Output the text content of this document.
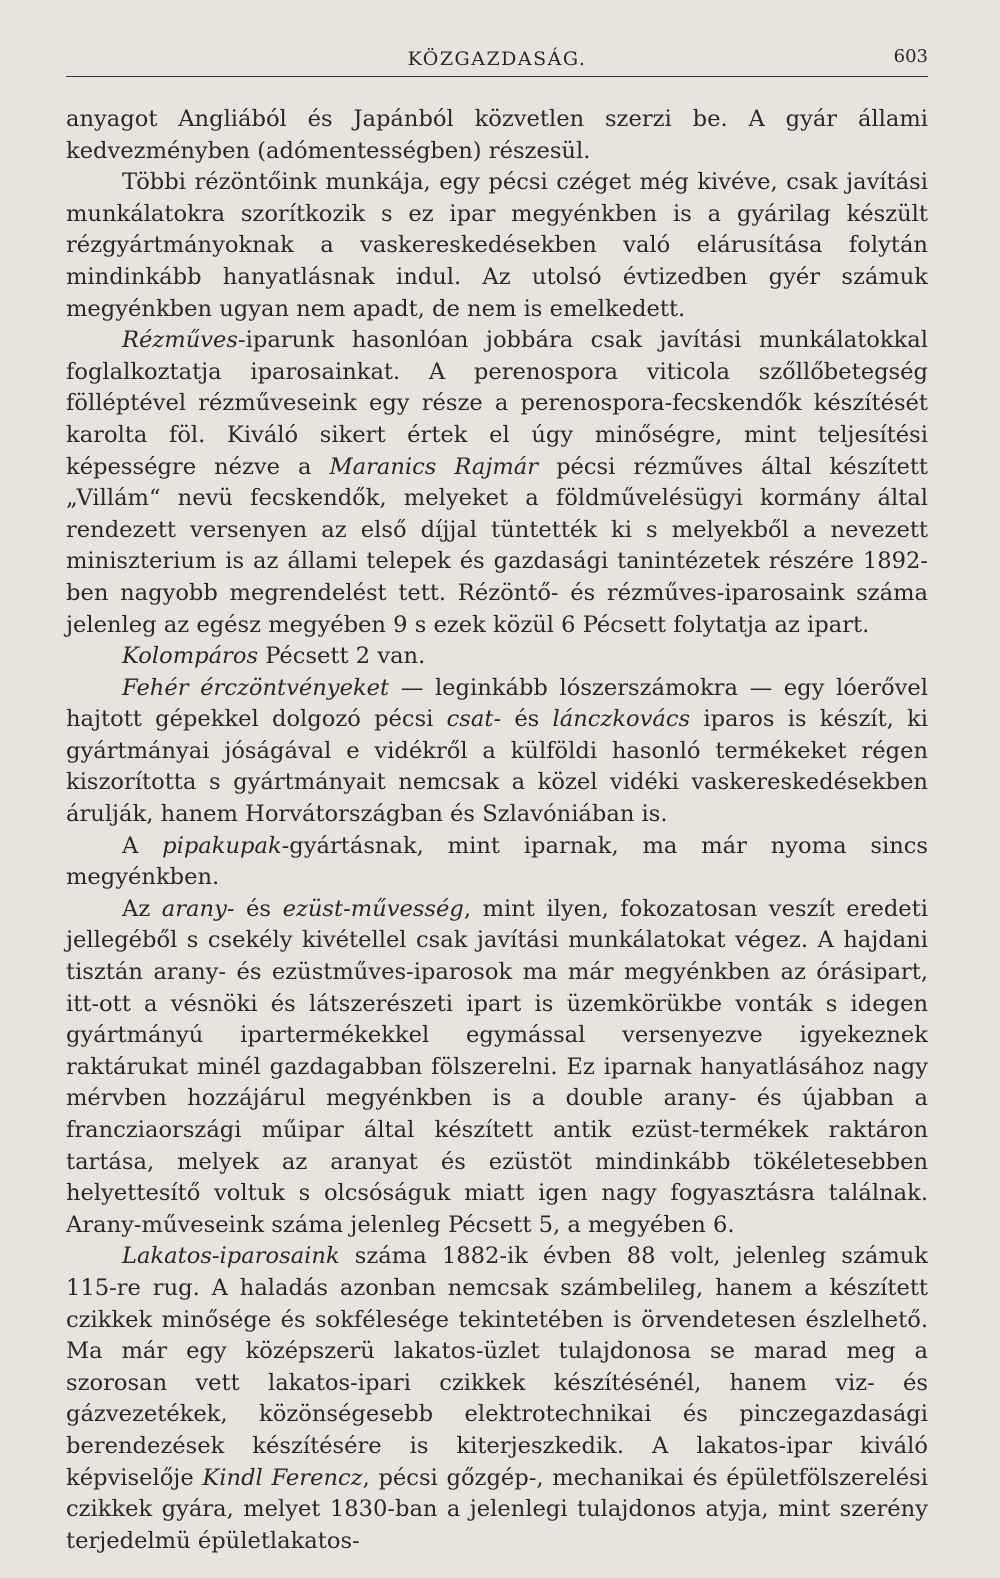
KÖZGAZDASÁG.	603

anyagot Angliából és Japánból közvetlen szerzi be. A gyár állami kedvezményben (adómentességben) részesül.

Többi rézöntőink munkája, egy pécsi czéget még kivéve, csak javítási munkálatokra szorítkozik s ez ipar megyénkben is a gyárilag készült rézgyártmányoknak a vaskereskedésekben való elárusítása folytán mindinkább hanyatlásnak indul. Az utolsó évtizedben gyér számuk megyénkben ugyan nem apadt, de nem is emelkedett.

Rézműves-iparunk hasonlóan jobbára csak javítási munkálatokkal foglalkoztatja iparosainkat. A perenospora viticola szőllőbetegség fölléptével rézműveseink egy része a perenospora-fecskendők készítését karolta föl. Kiváló sikert értek el úgy minőségre, mint teljesítési képességre nézve a Maranics Rajmár pécsi rézműves által készített „Villám“ nevü fecskendők, melyeket a földművelésügyi kormány által rendezett versenyen az első díjjal tüntették ki s melyekből a nevezett miniszterium is az állami telepek és gazdasági tanintézetek részére 1892-ben nagyobb megrendelést tett. Rézöntő- és rézműves-iparosaink száma jelenleg az egész megyében 9 s ezek közül 6 Pécsett folytatja az ipart.

Kolompáros Pécsett 2 van.

Fehér érczöntvényeket — leginkább lószerszámokra — egy lóerővel hajtott gépekkel dolgozó pécsi csat- és lánczkovács iparos is készít, ki gyártmányai jóságával e vidékről a külföldi hasonló termékeket régen kiszorította s gyártmányait nemcsak a közel vidéki vaskereskedésekben árulják, hanem Horvátországban és Szlavóniában is.

A pipakupak-gyártásnak, mint iparnak, ma már nyoma sincs megyénkben.

Az arany- és ezüst-művesség, mint ilyen, fokozatosan veszít eredeti jellegéből s csekély kivétellel csak javítási munkálatokat végez. A hajdani tisztán arany- és ezüstműves-iparosok ma már megyénkben az órásipart, itt-ott a vésnöki és látszerészeti ipart is üzemkörükbe vonták s idegen gyártmányú ipartermékekkel egymással versenyezve igyekeznek raktárukat minél gazdagabban fölszerelni. Ez iparnak hanyatlásához nagy mérvben hozzájárul megyénkben is a double arany- és újabban a francziaországi műipar által készített antik ezüst-termékek raktáron tartása, melyek az aranyat és ezüstöt mindinkább tökéletesebben helyettesítő voltuk s olcsóságuk miatt igen nagy fogyasztásra találnak. Arany-műveseink száma jelenleg Pécsett 5, a megyében 6.

Lakatos-iparosaink száma 1882-ik évben 88 volt, jelenleg számuk 115-re rug. A haladás azonban nemcsak számbelileg, hanem a készített czikkek minősége és sokfélesége tekintetében is örvendetesen észlelhető. Ma már egy középszerü lakatos-üzlet tulajdonosa se marad meg a szorosan vett lakatos-ipari czikkek készítésénél, hanem viz- és gázvezetékek, közönségesebb elektrotechnikai és pinczegazdasági berendezések készítésére is kiterjeszkedik. A lakatos-ipar kiváló képviselője Kindl Ferencz, pécsi gőzgép-, mechanikai és épületfölszerelési czikkek gyára, melyet 1830-ban a jelenlegi tulajdonos atyja, mint szerény terjedelmü épületlakatos-
